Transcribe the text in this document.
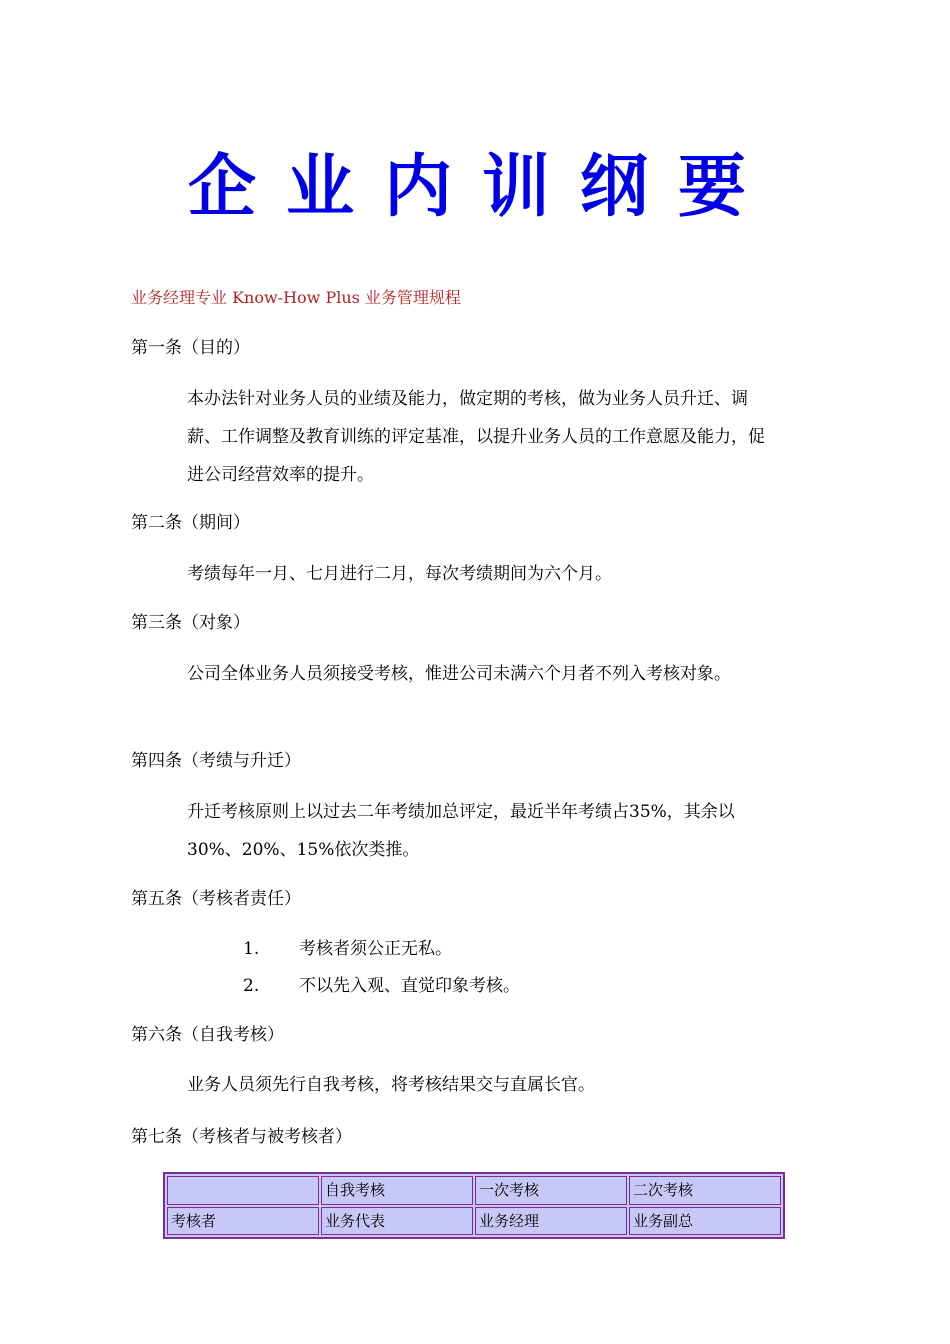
企业内训纲要
业务经理专业 Know-How Plus 业务管理规程
第一条（目的）
本办法针对业务人员的业绩及能力，做定期的考核，做为业务人员升迁、调薪、工作调整及教育训练的评定基准，以提升业务人员的工作意愿及能力，促进公司经营效率的提升。
第二条（期间）
考绩每年一月、七月进行二月，每次考绩期间为六个月。
第三条（对象）
公司全体业务人员须接受考核，惟进公司未满六个月者不列入考核对象。
第四条（考绩与升迁）
升迁考核原则上以过去二年考绩加总评定，最近半年考绩占35%，其余以30%、20%、15%依次类推。
第五条（考核者责任）
1. 考核者须公正无私。
2. 不以先入观、直觉印象考核。
第六条（自我考核）
业务人员须先行自我考核，将考核结果交与直属长官。
第七条（考核者与被考核者）
	自我考核	一次考核	二次考核
考核者	业务代表	业务经理	业务副总
